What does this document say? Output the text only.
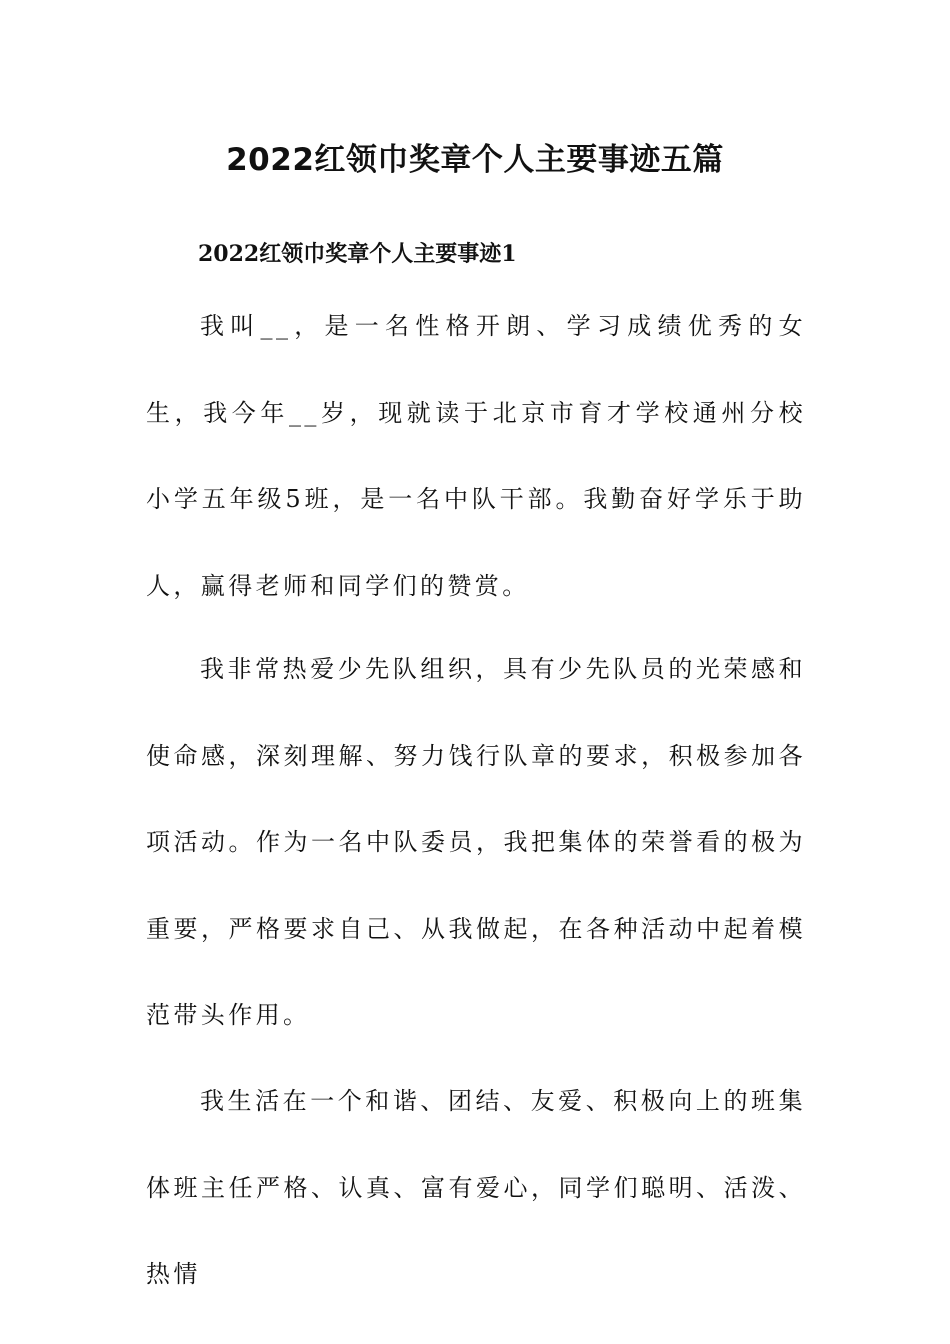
2022红领巾奖章个人主要事迹五篇
2022红领巾奖章个人主要事迹1

我叫__，是一名性格开朗、学习成绩优秀的女生，我今年__岁，现就读于北京市育才学校通州分校小学五年级5班，是一名中队干部。我勤奋好学乐于助人，赢得老师和同学们的赞赏。

我非常热爱少先队组织，具有少先队员的光荣感和使命感，深刻理解、努力饯行队章的要求，积极参加各项活动。作为一名中队委员，我把集体的荣誉看的极为重要，严格要求自己、从我做起，在各种活动中起着模范带头作用。

我生活在一个和谐、团结、友爱、积极向上的班集体班主任严格、认真、富有爱心，同学们聪明、活泼、热情
